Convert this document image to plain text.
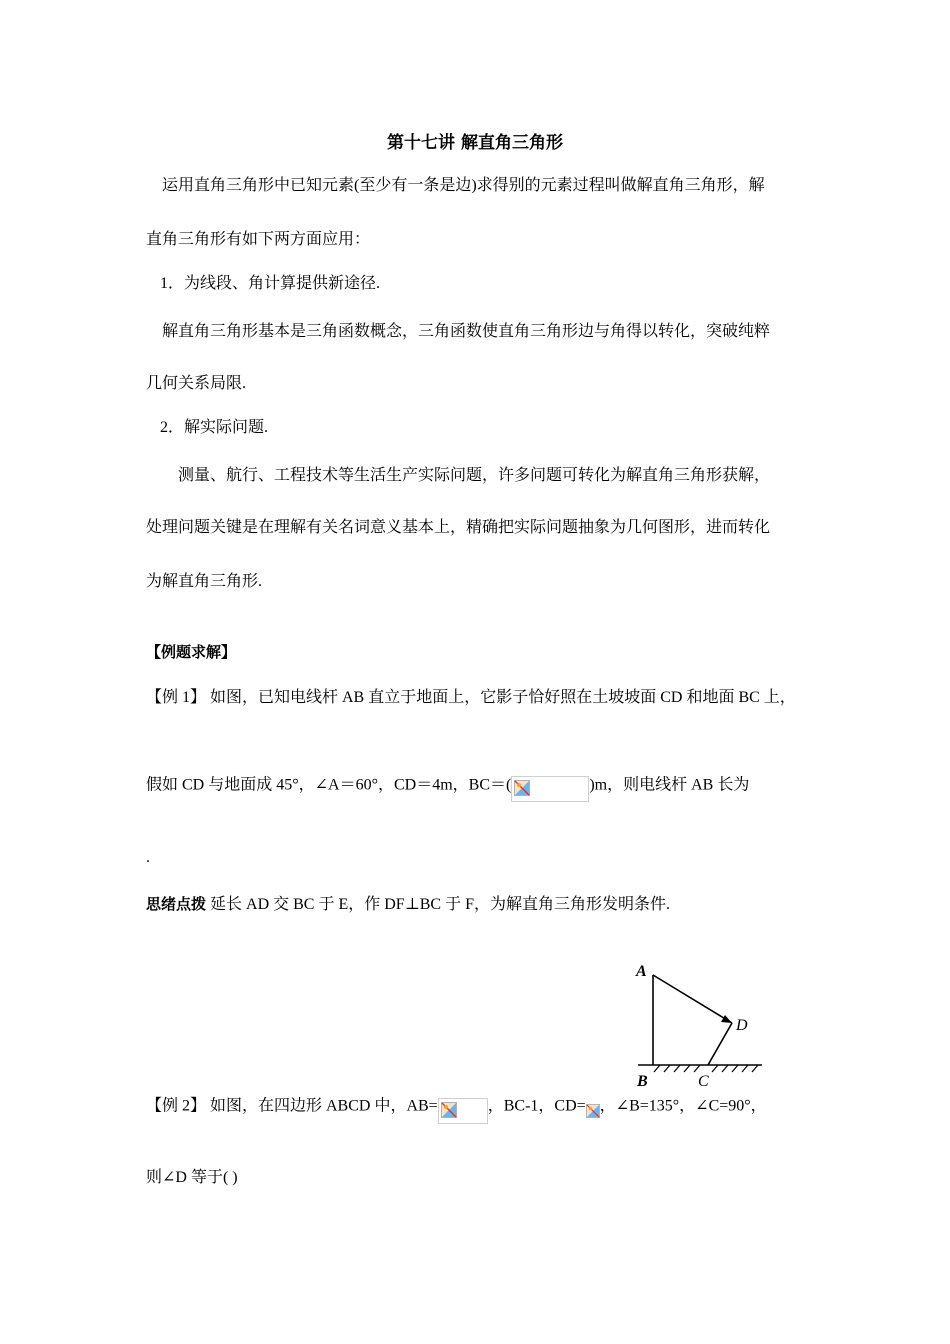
第十七讲 解直角三角形
运用直角三角形中已知元素(至少有一条是边)求得别的元素过程叫做解直角三角形，解
直角三角形有如下两方面应用：
1．为线段、角计算提供新途径.
解直角三角形基本是三角函数概念，三角函数使直角三角形边与角得以转化，突破纯粹
几何关系局限.
2．解实际问题.
测量、航行、工程技术等生活生产实际问题，许多问题可转化为解直角三角形获解，
处理问题关键是在理解有关名词意义基本上，精确把实际问题抽象为几何图形，进而转化
为解直角三角形.
【例题求解】
【例 1】 如图，已知电线杆 AB 直立于地面上，它影子恰好照在土坡坡面 CD 和地面 BC 上，
假如 CD 与地面成 45°，∠A＝60°，CD＝4m，BC＝(	)m，则电线杆 AB 长为
.
思绪点拨 延长 AD 交 BC 于 E，作 DF⊥BC 于 F，为解直角三角形发明条件.
A
D
B	C
【例 2】 如图，在四边形 ABCD 中，AB=	，BC-1，CD= ，∠B=135°，∠C=90°，
则∠D 等于( )
